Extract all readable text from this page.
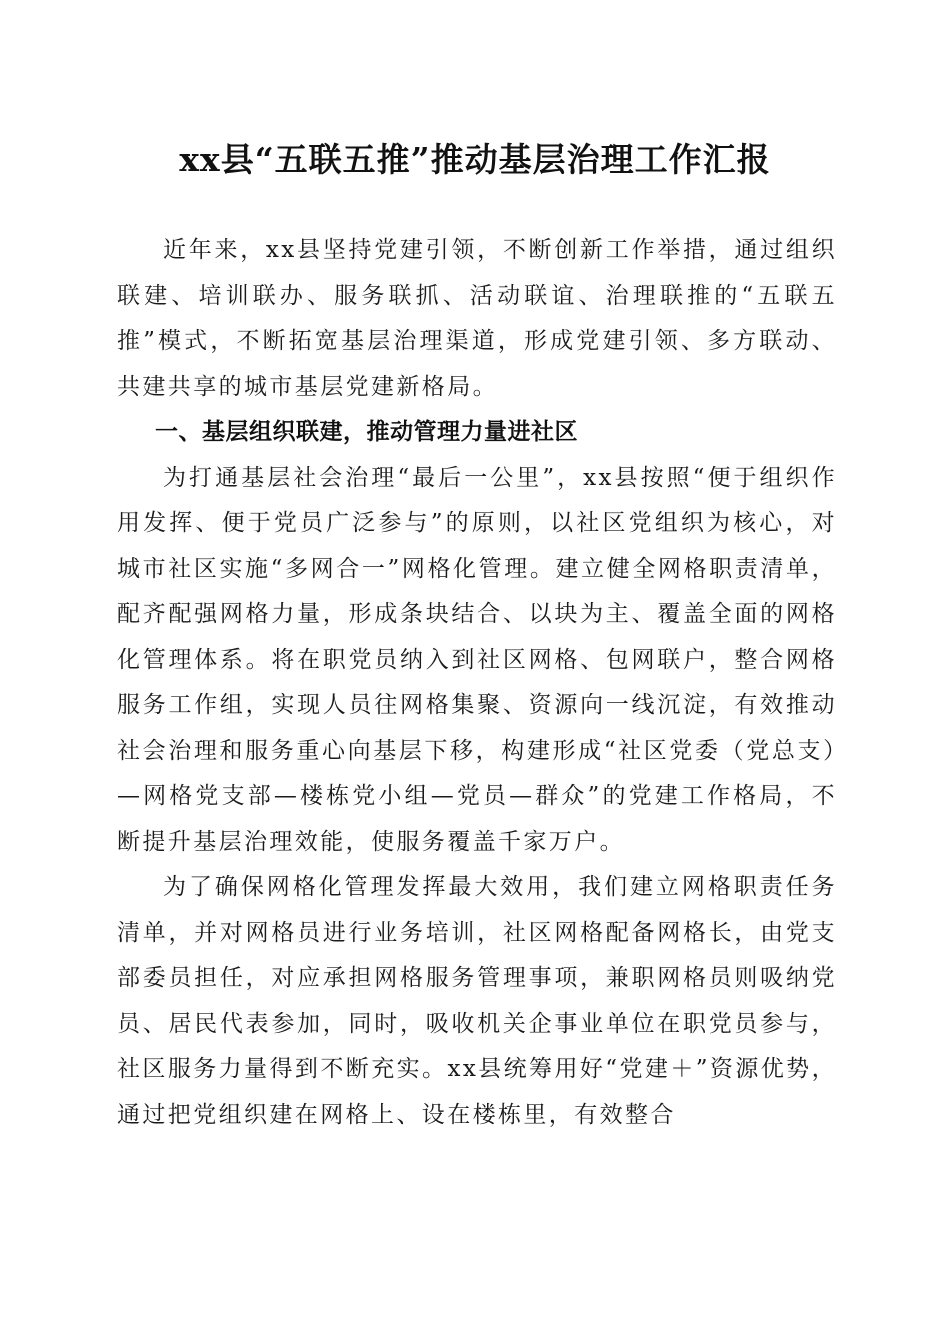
xx县“五联五推”推动基层治理工作汇报

近年来，xx县坚持党建引领，不断创新工作举措，通过组织联建、培训联办、服务联抓、活动联谊、治理联推的“五联五推”模式，不断拓宽基层治理渠道，形成党建引领、多方联动、共建共享的城市基层党建新格局。

一、基层组织联建，推动管理力量进社区

为打通基层社会治理“最后一公里”，xx县按照“便于组织作用发挥、便于党员广泛参与”的原则，以社区党组织为核心，对城市社区实施“多网合一”网格化管理。建立健全网格职责清单，配齐配强网格力量，形成条块结合、以块为主、覆盖全面的网格化管理体系。将在职党员纳入到社区网格、包网联户，整合网格服务工作组，实现人员往网格集聚、资源向一线沉淀，有效推动社会治理和服务重心向基层下移，构建形成“社区党委（党总支）—网格党支部—楼栋党小组—党员—群众”的党建工作格局，不断提升基层治理效能，使服务覆盖千家万户。

为了确保网格化管理发挥最大效用，我们建立网格职责任务清单，并对网格员进行业务培训，社区网格配备网格长，由党支部委员担任，对应承担网格服务管理事项，兼职网格员则吸纳党员、居民代表参加，同时，吸收机关企事业单位在职党员参与，社区服务力量得到不断充实。xx县统筹用好“党建＋”资源优势，通过把党组织建在网格上、设在楼栋里，有效整合
